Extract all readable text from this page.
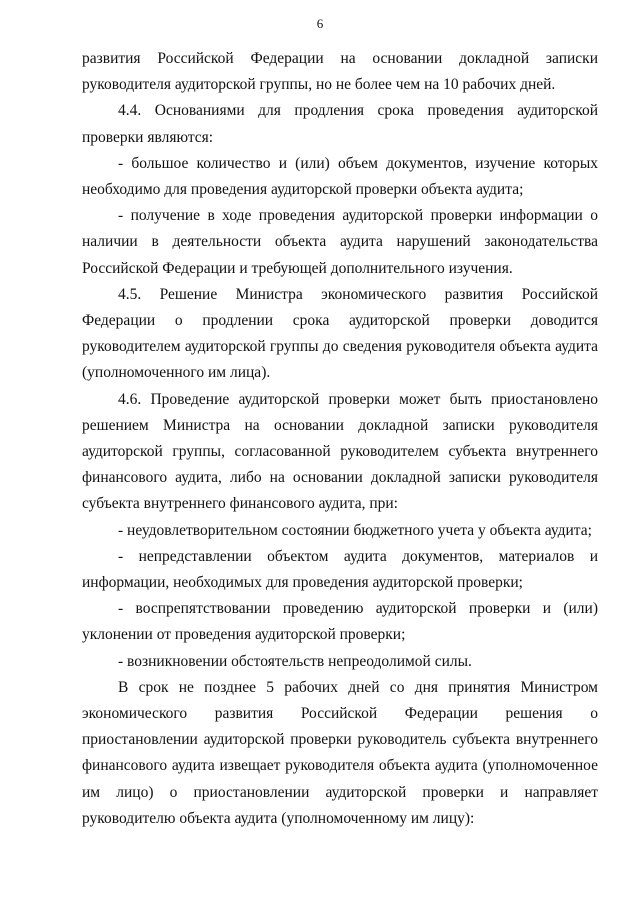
6

развития Российской Федерации на основании докладной записки руководителя аудиторской группы, но не более чем на 10 рабочих дней.

4.4. Основаниями для продления срока проведения аудиторской проверки являются:

- большое количество и (или) объем документов, изучение которых необходимо для проведения аудиторской проверки объекта аудита;

- получение в ходе проведения аудиторской проверки информации о наличии в деятельности объекта аудита нарушений законодательства Российской Федерации и требующей дополнительного изучения.

4.5. Решение Министра экономического развития Российской Федерации о продлении срока аудиторской проверки доводится руководителем аудиторской группы до сведения руководителя объекта аудита (уполномоченного им лица).

4.6. Проведение аудиторской проверки может быть приостановлено решением Министра на основании докладной записки руководителя аудиторской группы, согласованной руководителем субъекта внутреннего финансового аудита, либо на основании докладной записки руководителя субъекта внутреннего финансового аудита, при:

- неудовлетворительном состоянии бюджетного учета у объекта аудита;

- непредставлении объектом аудита документов, материалов и информации, необходимых для проведения аудиторской проверки;

- воспрепятствовании проведению аудиторской проверки и (или) уклонении от проведения аудиторской проверки;

- возникновении обстоятельств непреодолимой силы.

В срок не позднее 5 рабочих дней со дня принятия Министром экономического развития Российской Федерации решения о приостановлении аудиторской проверки руководитель субъекта внутреннего финансового аудита извещает руководителя объекта аудита (уполномоченное им лицо) о приостановлении аудиторской проверки и направляет руководителю объекта аудита (уполномоченному им лицу):
